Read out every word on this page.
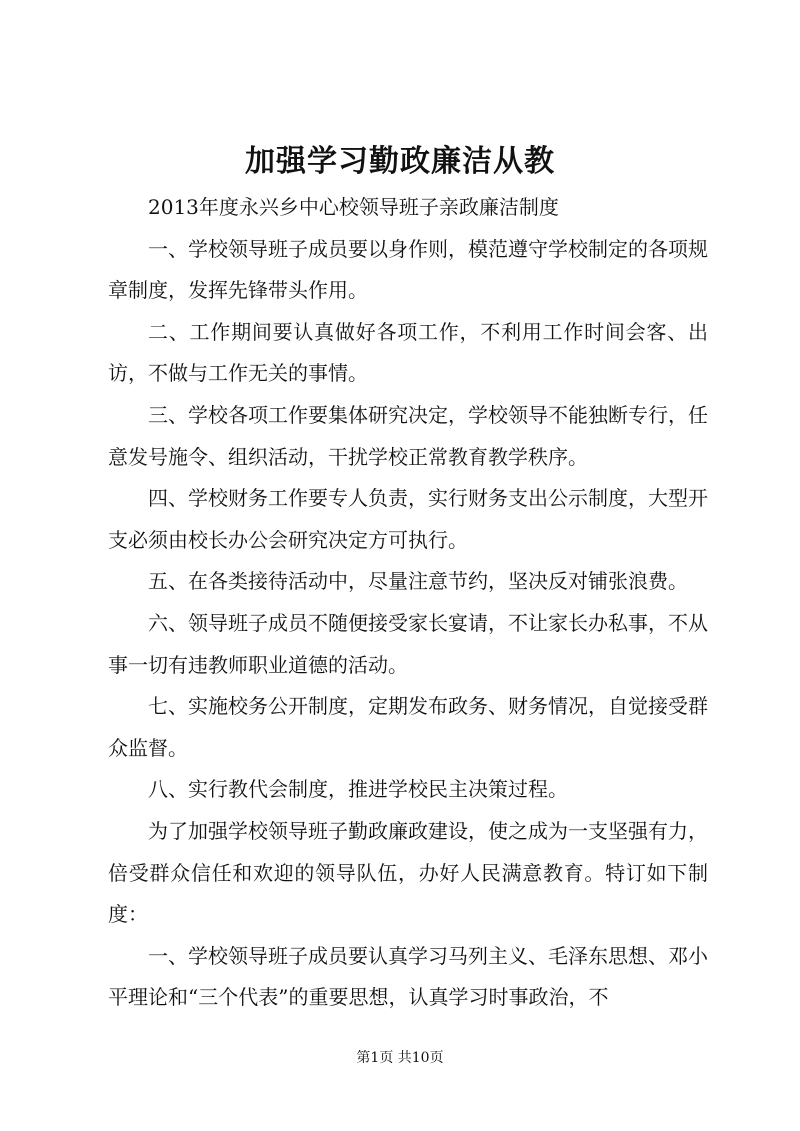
加强学习勤政廉洁从教

2013年度永兴乡中心校领导班子亲政廉洁制度

一、学校领导班子成员要以身作则，模范遵守学校制定的各项规章制度，发挥先锋带头作用。

二、工作期间要认真做好各项工作，不利用工作时间会客、出访，不做与工作无关的事情。

三、学校各项工作要集体研究决定，学校领导不能独断专行，任意发号施令、组织活动，干扰学校正常教育教学秩序。

四、学校财务工作要专人负责，实行财务支出公示制度，大型开支必须由校长办公会研究决定方可执行。

五、在各类接待活动中，尽量注意节约，坚决反对铺张浪费。

六、领导班子成员不随便接受家长宴请，不让家长办私事，不从事一切有违教师职业道德的活动。

七、实施校务公开制度，定期发布政务、财务情况，自觉接受群众监督。

八、实行教代会制度，推进学校民主决策过程。

为了加强学校领导班子勤政廉政建设，使之成为一支坚强有力，倍受群众信任和欢迎的领导队伍，办好人民满意教育。特订如下制度：

一、学校领导班子成员要认真学习马列主义、毛泽东思想、邓小平理论和“三个代表”的重要思想，认真学习时事政治，不

第1页 共10页
